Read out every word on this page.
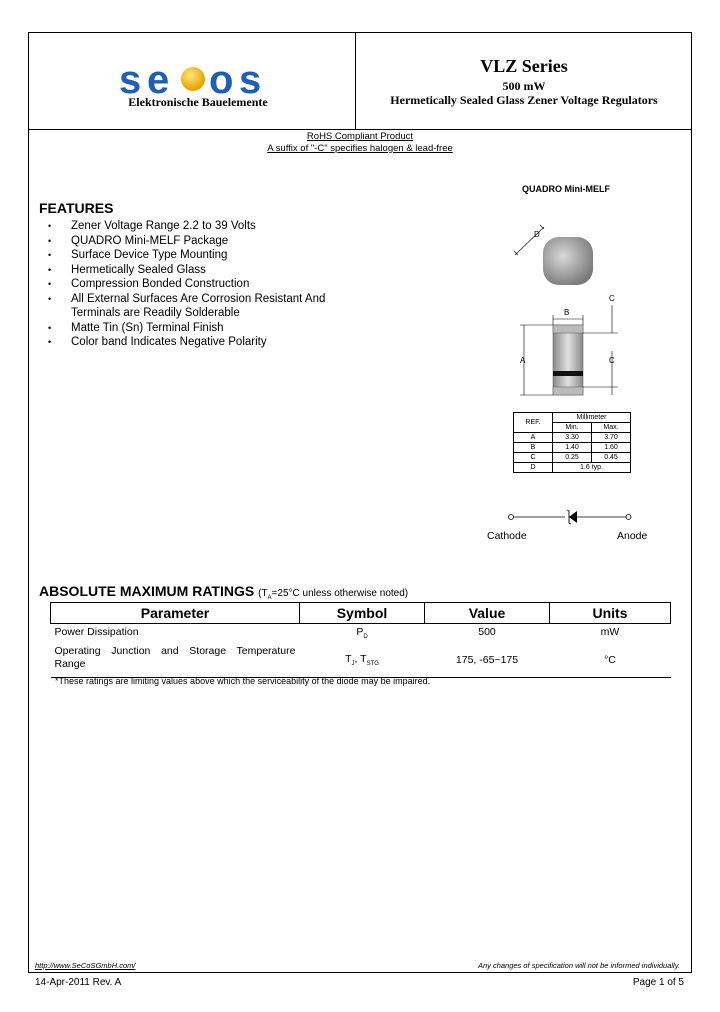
s e o s
Elektronische Bauelemente
VLZ Series
500 mW
Hermetically Sealed Glass Zener Voltage Regulators
RoHS Compliant Product
A suffix of "-C" specifies halogen & lead-free
FEATURES
• Zener Voltage Range 2.2 to 39 Volts
• QUADRO Mini-MELF Package
• Surface Device Type Mounting
• Hermetically Sealed Glass
• Compression Bonded Construction
• All External Surfaces Are Corrosion Resistant And Terminals are Readily Solderable
• Matte Tin (Sn) Terminal Finish
• Color band Indicates Negative Polarity
QUADRO Mini-MELF
D
B
A
C
C
REF.	Millimeter	
	Min.	Max.
A	3.30	3.70
B	1.40	1.60
C	0.25	0.45
D	1.6 typ.	
Cathode	Anode
ABSOLUTE MAXIMUM RATINGS ($T_A=25^\circ C$ unless otherwise noted)
Parameter	Symbol	Value	Units
Power Dissipation	$P_D$	500	mW
Operating Junction and Storage Temperature Range	$T_J$, $T_{STG}$	175, -65~175	°C
*These ratings are limiting values above which the serviceability of the diode may be impaired.
http://www.SeCoSGmbH.com/	Any changes of specification will not be informed individually.
14-Apr-2011 Rev. A	Page 1 of 5
